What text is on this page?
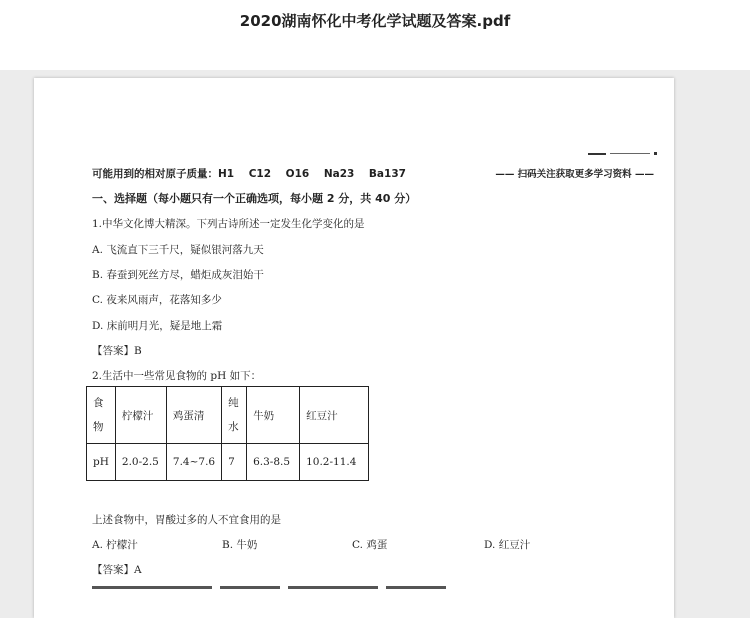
2020湖南怀化中考化学试题及答案.pdf
可能用到的相对原子质量：H1    C12    O16    Na23    Ba137	—— 扫码关注获取更多学习资料 ——
一、选择题（每小题只有一个正确选项，每小题 2 分，共 40 分）
1.中华文化博大精深。下列古诗所述一定发生化学变化的是
A. 飞流直下三千尺，疑似银河落九天
B. 春蚕到死丝方尽，蜡炬成灰泪始干
C. 夜来风雨声，花落知多少
D. 床前明月光，疑是地上霜
【答案】B
2.生活中一些常见食物的 pH 如下：
食物	柠檬汁	鸡蛋清	纯水	牛奶	红豆汁
pH	2.0-2.5	7.4~7.6	7	6.3-8.5	10.2-11.4
上述食物中，胃酸过多的人不宜食用的是
A. 柠檬汁	B. 牛奶	C. 鸡蛋	D. 红豆汁
【答案】A
